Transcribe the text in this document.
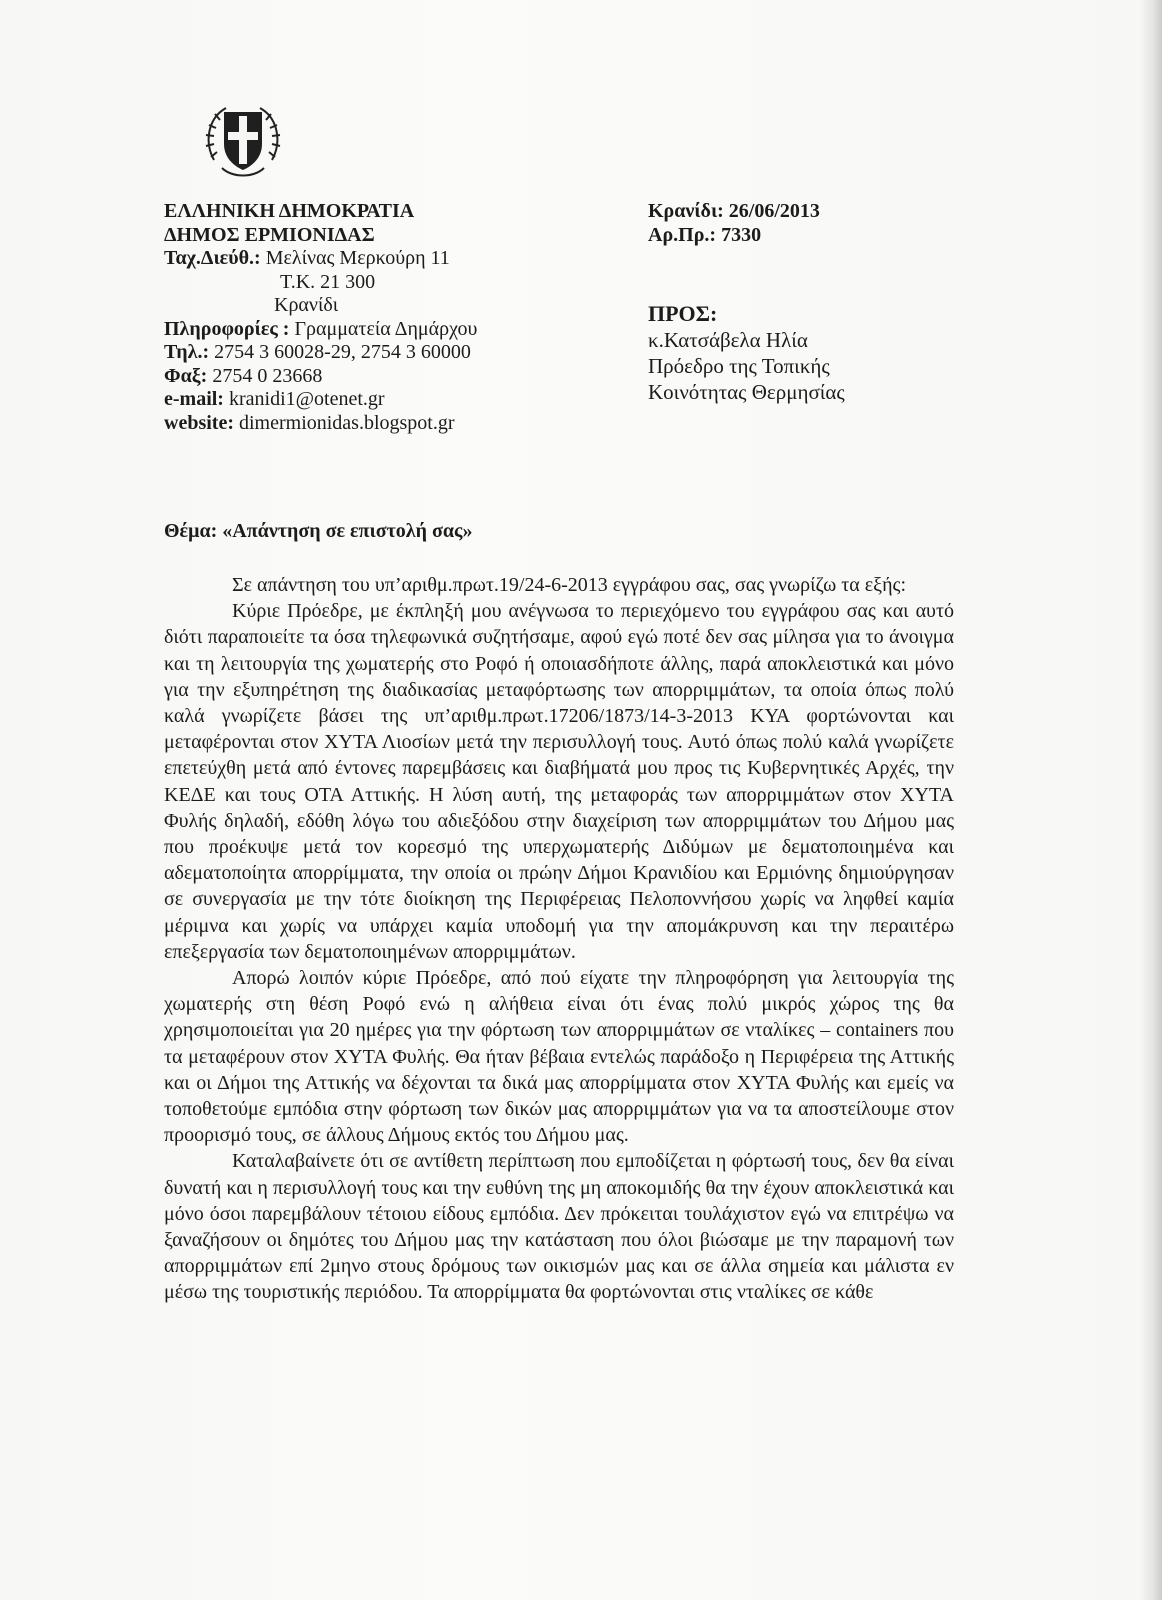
ΕΛΛΗΝΙΚΗ ΔΗΜΟΚΡΑΤΙΑ
ΔΗΜΟΣ ΕΡΜΙΟΝΙΔΑΣ
Ταχ.Διεύθ.: Μελίνας Μερκούρη 11
Τ.Κ. 21 300
Κρανίδι
Πληροφορίες : Γραμματεία Δημάρχου
Τηλ.: 2754 3 60028-29, 2754 3 60000
Φαξ: 2754 0 23668
e-mail: kranidi1@otenet.gr
website: dimermionidas.blogspot.gr
Κρανίδι: 26/06/2013
Αρ.Πρ.: 7330
ΠΡΟΣ:
κ.Κατσάβελα Ηλία
Πρόεδρο της Τοπικής
Κοινότητας Θερμησίας
Θέμα: «Απάντηση σε επιστολή σας»

Σε απάντηση του υπ’αριθμ.πρωτ.19/24-6-2013 εγγράφου σας, σας γνωρίζω τα εξής:

Κύριε Πρόεδρε, με έκπληξή μου ανέγνωσα το περιεχόμενο του εγγράφου σας και αυτό διότι παραποιείτε τα όσα τηλεφωνικά συζητήσαμε, αφού εγώ ποτέ δεν σας μίλησα για το άνοιγμα και τη λειτουργία της χωματερής στο Ροφό ή οποιασδήποτε άλλης, παρά αποκλειστικά και μόνο για την εξυπηρέτηση της διαδικασίας μεταφόρτωσης των απορριμμάτων, τα οποία όπως πολύ καλά γνωρίζετε βάσει της υπ’αριθμ.πρωτ.17206/1873/14-3-2013 ΚΥΑ φορτώνονται και μεταφέρονται στον ΧΥΤΑ Λιοσίων μετά την περισυλλογή τους. Αυτό όπως πολύ καλά γνωρίζετε επετεύχθη μετά από έντονες παρεμβάσεις και διαβήματά μου προς τις Κυβερνητικές Αρχές, την ΚΕΔΕ και τους ΟΤΑ Αττικής. Η λύση αυτή, της μεταφοράς των απορριμμάτων στον ΧΥΤΑ Φυλής δηλαδή, εδόθη λόγω του αδιεξόδου στην διαχείριση των απορριμμάτων του Δήμου μας που προέκυψε μετά τον κορεσμό της υπερχωματερής Διδύμων με δεματοποιημένα και αδεματοποίητα απορρίμματα, την οποία οι πρώην Δήμοι Κρανιδίου και Ερμιόνης δημιούργησαν σε συνεργασία με την τότε διοίκηση της Περιφέρειας Πελοποννήσου χωρίς να ληφθεί καμία μέριμνα και χωρίς να υπάρχει καμία υποδομή για την απομάκρυνση και την περαιτέρω επεξεργασία των δεματοποιημένων απορριμμάτων.

Απορώ λοιπόν κύριε Πρόεδρε, από πού είχατε την πληροφόρηση για λειτουργία της χωματερής στη θέση Ροφό ενώ η αλήθεια είναι ότι ένας πολύ μικρός χώρος της θα χρησιμοποιείται για 20 ημέρες για την φόρτωση των απορριμμάτων σε νταλίκες – containers που τα μεταφέρουν στον ΧΥΤΑ Φυλής. Θα ήταν βέβαια εντελώς παράδοξο η Περιφέρεια της Αττικής και οι Δήμοι της Αττικής να δέχονται τα δικά μας απορρίμματα στον ΧΥΤΑ Φυλής και εμείς να τοποθετούμε εμπόδια στην φόρτωση των δικών μας απορριμμάτων για να τα αποστείλουμε στον προορισμό τους, σε άλλους Δήμους εκτός του Δήμου μας.

Καταλαβαίνετε ότι σε αντίθετη περίπτωση που εμποδίζεται η φόρτωσή τους, δεν θα είναι δυνατή και η περισυλλογή τους και την ευθύνη της μη αποκομιδής θα την έχουν αποκλειστικά και μόνο όσοι παρεμβάλουν τέτοιου είδους εμπόδια. Δεν πρόκειται τουλάχιστον εγώ να επιτρέψω να ξαναζήσουν οι δημότες του Δήμου μας την κατάσταση που όλοι βιώσαμε με την παραμονή των απορριμμάτων επί 2μηνο στους δρόμους των οικισμών μας και σε άλλα σημεία και μάλιστα εν μέσω της τουριστικής περιόδου. Τα απορρίμματα θα φορτώνονται στις νταλίκες σε κάθε
